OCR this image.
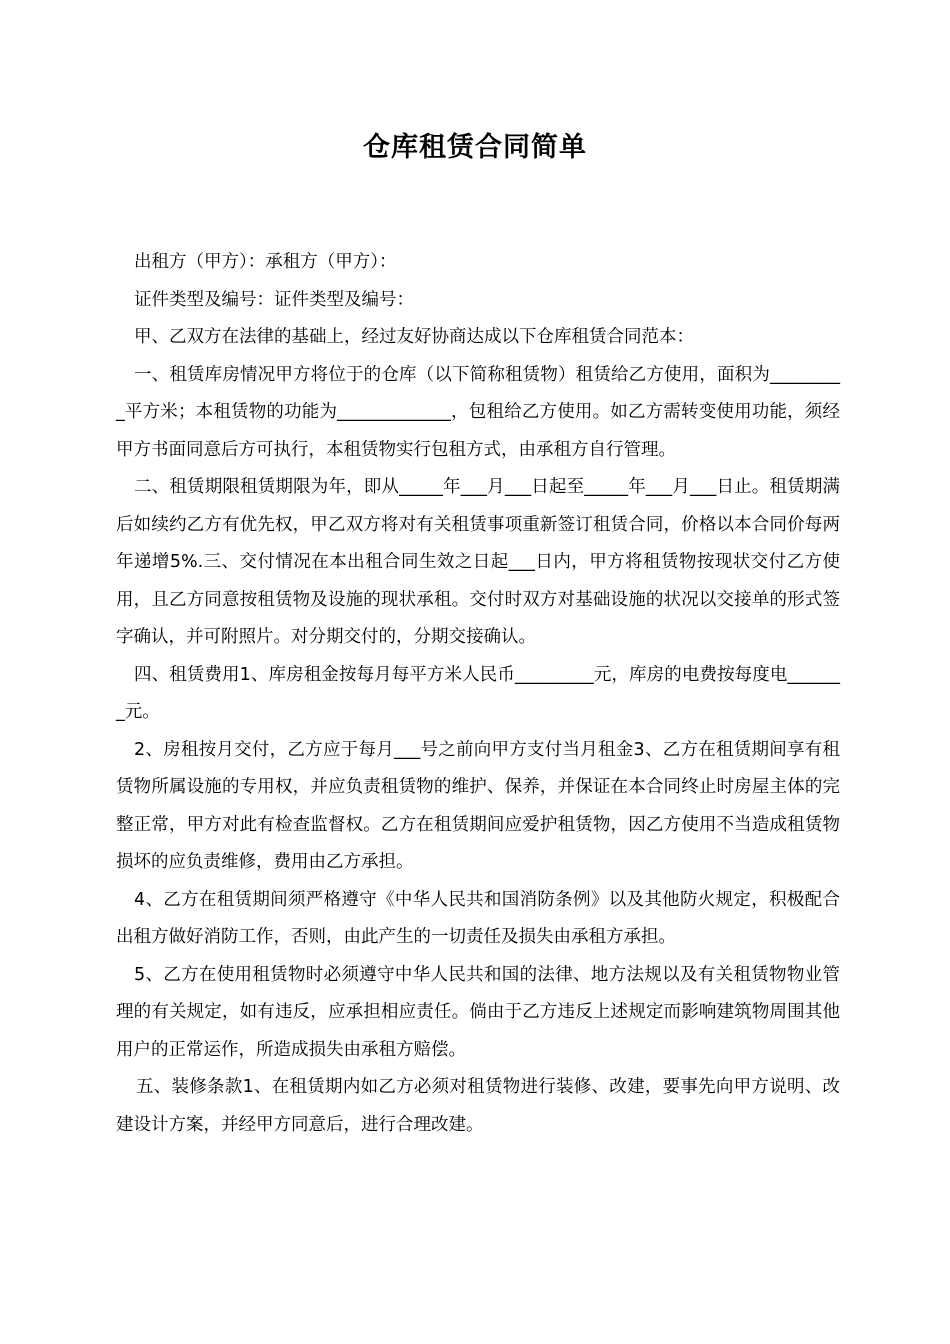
仓库租赁合同简单

出租方（甲方）：承租方（甲方）：

证件类型及编号：证件类型及编号：

甲、乙双方在法律的基础上，经过友好协商达成以下仓库租赁合同范本：

一、租赁库房情况甲方将位于的仓库（以下简称租赁物）租赁给乙方使用，面积为_________平方米；本租赁物的功能为_____________，包租给乙方使用。如乙方需转变使用功能，须经甲方书面同意后方可执行，本租赁物实行包租方式，由承租方自行管理。

二、租赁期限租赁期限为年，即从_____年___月___日起至_____年___月___日止。租赁期满后如续约乙方有优先权，甲乙双方将对有关租赁事项重新签订租赁合同，价格以本合同价每两年递增5%.三、交付情况在本出租合同生效之日起___日内，甲方将租赁物按现状交付乙方使用，且乙方同意按租赁物及设施的现状承租。交付时双方对基础设施的状况以交接单的形式签字确认，并可附照片。对分期交付的，分期交接确认。

四、租赁费用1、库房租金按每月每平方米人民币_________元，库房的电费按每度电_______元。

2、房租按月交付，乙方应于每月___号之前向甲方支付当月租金3、乙方在租赁期间享有租赁物所属设施的专用权，并应负责租赁物的维护、保养，并保证在本合同终止时房屋主体的完整正常，甲方对此有检查监督权。乙方在租赁期间应爱护租赁物，因乙方使用不当造成租赁物损坏的应负责维修，费用由乙方承担。

4、乙方在租赁期间须严格遵守《中华人民共和国消防条例》以及其他防火规定，积极配合出租方做好消防工作，否则，由此产生的一切责任及损失由承租方承担。

5、乙方在使用租赁物时必须遵守中华人民共和国的法律、地方法规以及有关租赁物物业管理的有关规定，如有违反，应承担相应责任。倘由于乙方违反上述规定而影响建筑物周围其他用户的正常运作，所造成损失由承租方赔偿。

五、装修条款1、在租赁期内如乙方必须对租赁物进行装修、改建，要事先向甲方说明、改建设计方案，并经甲方同意后，进行合理改建。
